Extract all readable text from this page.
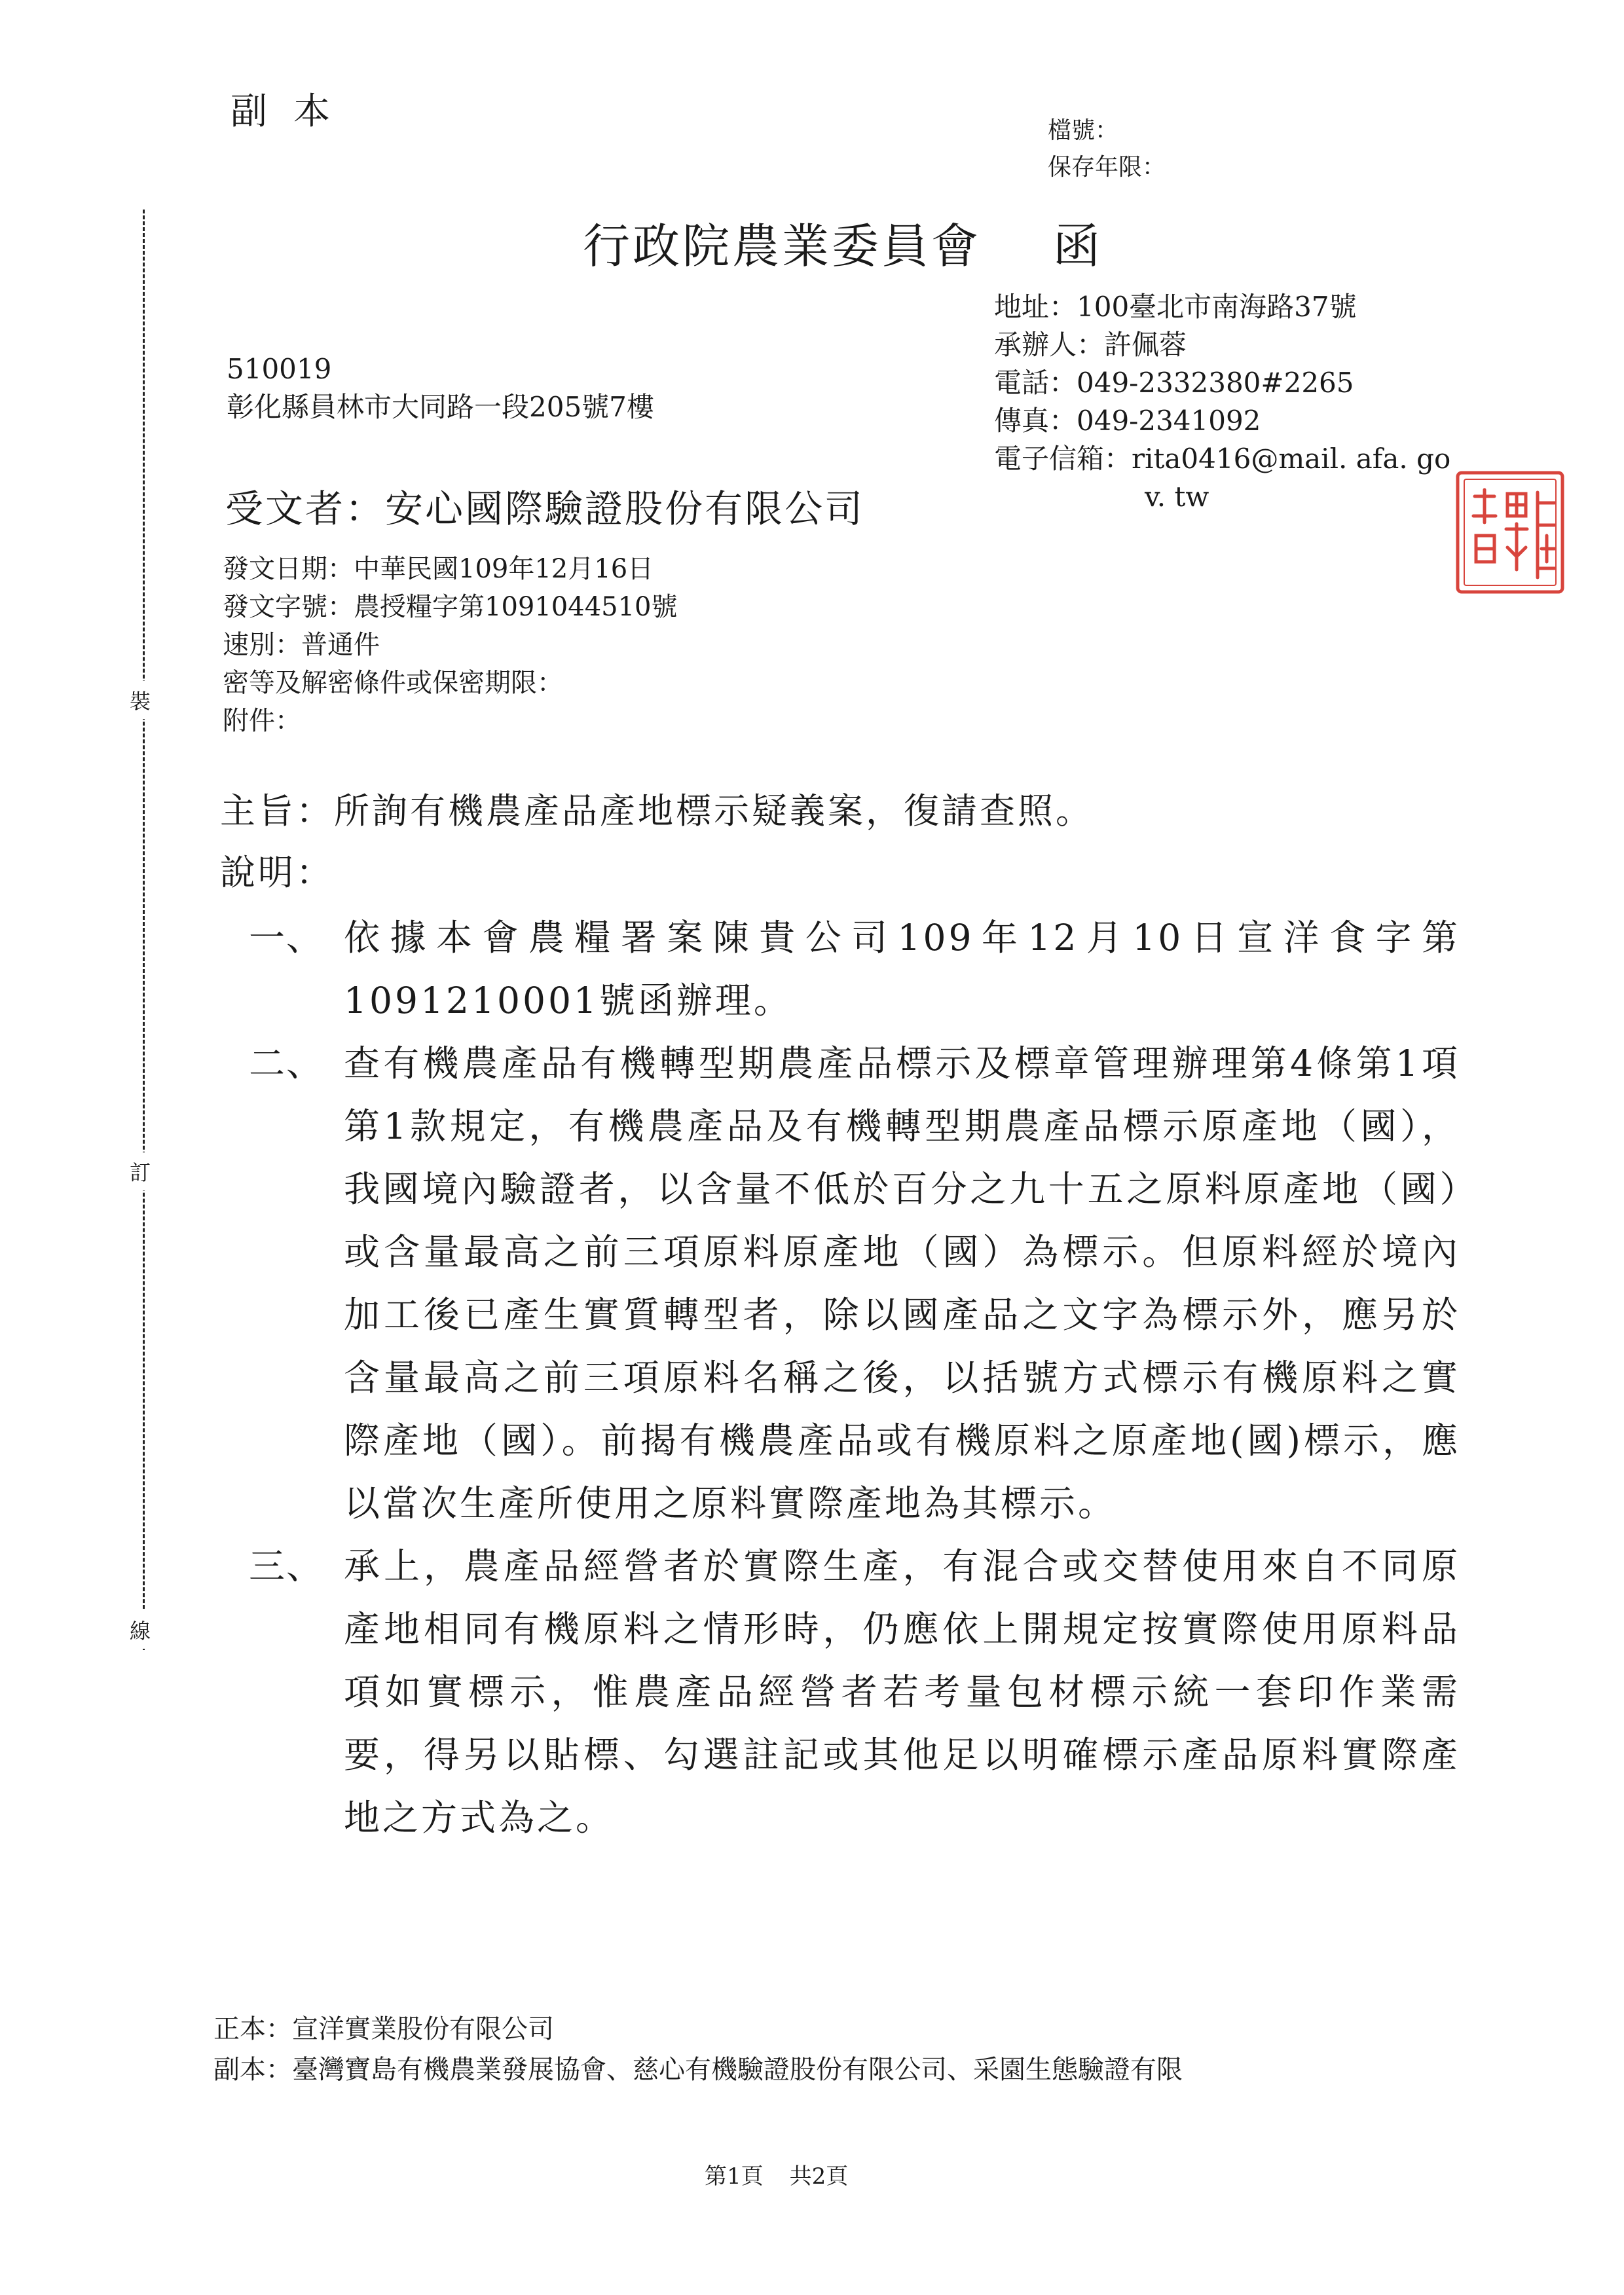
副本	檔號：
保存年限：
行政院農業委員會 函
地址：100臺北市南海路37號
承辦人：許佩蓉
電話：049-2332380#2265
傳真：049-2341092
電子信箱：rita0416@mail. afa. go
v. tw
510019
彰化縣員林市大同路一段205號7樓
受文者：安心國際驗證股份有限公司
發文日期：中華民國109年12月16日
發文字號：農授糧字第1091044510號
速別：普通件
密等及解密條件或保密期限：
附件：
主旨：所詢有機農產品產地標示疑義案，復請查照。
說明：
一、 依據本會農糧署案陳貴公司109年12月10日宣洋食字第1091210001號函辦理。
二、 查有機農產品有機轉型期農產品標示及標章管理辦理第4條第1項第1款規定，有機農產品及有機轉型期農產品標示原產地（國），我國境內驗證者，以含量不低於百分之九十五之原料原產地（國）或含量最高之前三項原料原產地（國）為標示。但原料經於境內加工後已產生實質轉型者，除以國產品之文字為標示外，應另於含量最高之前三項原料名稱之後，以括號方式標示有機原料之實際產地（國）。前揭有機農產品或有機原料之原產地(國)標示，應以當次生產所使用之原料實際產地為其標示。
三、 承上，農產品經營者於實際生產，有混合或交替使用來自不同原產地相同有機原料之情形時，仍應依上開規定按實際使用原料品項如實標示，惟農產品經營者若考量包材標示統一套印作業需要，得另以貼標、勾選註記或其他足以明確標示產品原料實際產地之方式為之。
正本：宣洋實業股份有限公司
副本：臺灣寶島有機農業發展協會、慈心有機驗證股份有限公司、采園生態驗證有限
第1頁 共2頁
裝
訂
線
